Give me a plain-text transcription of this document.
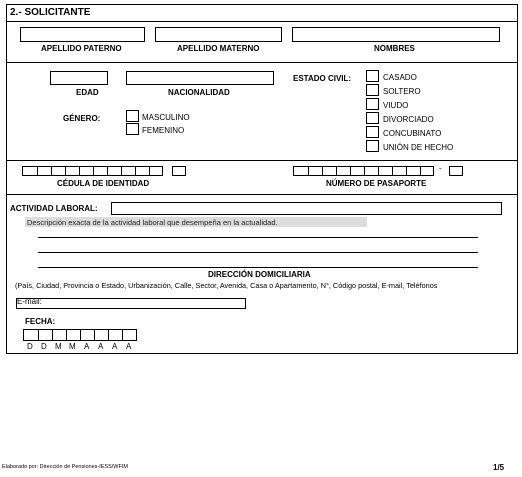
2.- SOLICITANTE
APELLIDO PATERNO	APELLIDO MATERNO	NOMBRES
EDAD	NACIONALIDAD
GÉNERO:	MASCULINO
FEMENINO
ESTADO CIVIL:	CASADO
SOLTERO
VIUDO
DIVORCIADO
CONCUBINATO
UNIÓN DE HECHO
CÉDULA DE IDENTIDAD
-
NÚMERO DE PASAPORTE
ACTIVIDAD LABORAL:
Descripción exacta de la actividad laboral que desempeña en la actualidad.
DIRECCIÓN DOMICILIARIA
(País, Ciudad, Provincia o Estado, Urbanización, Calle, Sector, Avenida, Casa o Apartamento, N°, Código postal, E-mail, Teléfonos
E-mail:
FECHA:
D D M M A A A A
Elaborado por: Dirección de Pensiones-IESS/WFIM	1/5
